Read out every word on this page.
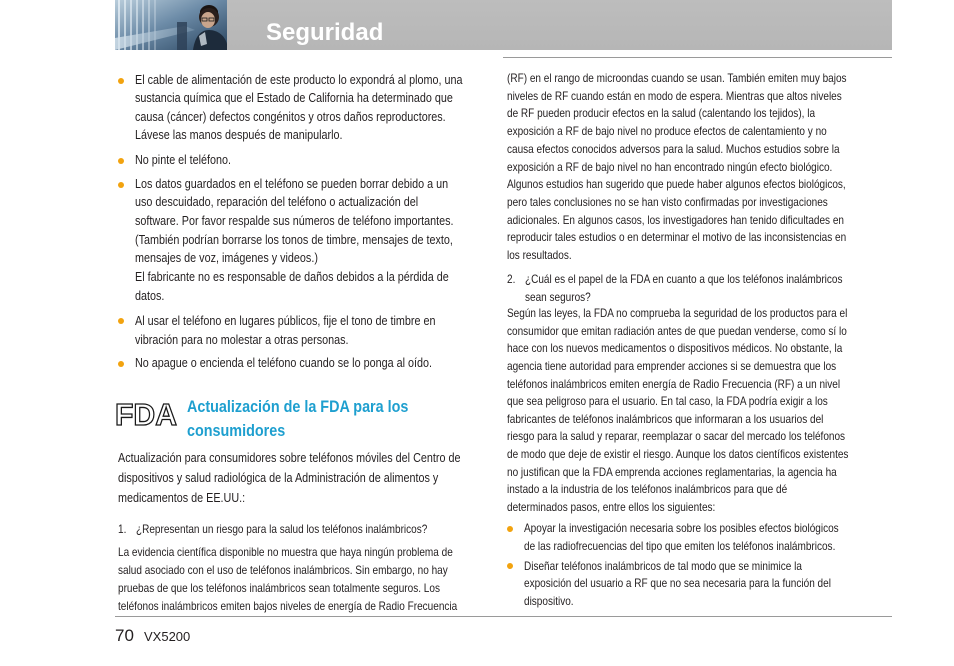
Seguridad
El cable de alimentación de este producto lo expondrá al plomo, una
sustancia química que el Estado de California ha determinado que
causa (cáncer) defectos congénitos y otros daños reproductores.
Lávese las manos después de manipularlo.
No pinte el teléfono.
Los datos guardados en el teléfono se pueden borrar debido a un
uso descuidado, reparación del teléfono o actualización del
software. Por favor respalde sus números de teléfono importantes.
(También podrían borrarse los tonos de timbre, mensajes de texto,
mensajes de voz, imágenes y videos.)
El fabricante no es responsable de daños debidos a la pérdida de
datos.
Al usar el teléfono en lugares públicos, fije el tono de timbre en
vibración para no molestar a otras personas.
No apague o encienda el teléfono cuando se lo ponga al oído.
FDA Actualización de la FDA para los
consumidores
Actualización para consumidores sobre teléfonos móviles del Centro de
dispositivos y salud radiológica de la Administración de alimentos y
medicamentos de EE.UU.:
1. ¿Representan un riesgo para la salud los teléfonos inalámbricos?
La evidencia científica disponible no muestra que haya ningún problema de
salud asociado con el uso de teléfonos inalámbricos. Sin embargo, no hay
pruebas de que los teléfonos inalámbricos sean totalmente seguros. Los
teléfonos inalámbricos emiten bajos niveles de energía de Radio Frecuencia
(RF) en el rango de microondas cuando se usan. También emiten muy bajos
niveles de RF cuando están en modo de espera. Mientras que altos niveles
de RF pueden producir efectos en la salud (calentando los tejidos), la
exposición a RF de bajo nivel no produce efectos de calentamiento y no
causa efectos conocidos adversos para la salud. Muchos estudios sobre la
exposición a RF de bajo nivel no han encontrado ningún efecto biológico.
Algunos estudios han sugerido que puede haber algunos efectos biológicos,
pero tales conclusiones no se han visto confirmadas por investigaciones
adicionales. En algunos casos, los investigadores han tenido dificultades en
reproducir tales estudios o en determinar el motivo de las inconsistencias en
los resultados.
2. ¿Cuál es el papel de la FDA en cuanto a que los teléfonos inalámbricos
sean seguros?
Según las leyes, la FDA no comprueba la seguridad de los productos para el
consumidor que emitan radiación antes de que puedan venderse, como sí lo
hace con los nuevos medicamentos o dispositivos médicos. No obstante, la
agencia tiene autoridad para emprender acciones si se demuestra que los
teléfonos inalámbricos emiten energía de Radio Frecuencia (RF) a un nivel
que sea peligroso para el usuario. En tal caso, la FDA podría exigir a los
fabricantes de teléfonos inalámbricos que informaran a los usuarios del
riesgo para la salud y reparar, reemplazar o sacar del mercado los teléfonos
de modo que deje de existir el riesgo. Aunque los datos científicos existentes
no justifican que la FDA emprenda acciones reglamentarias, la agencia ha
instado a la industria de los teléfonos inalámbricos para que dé
determinados pasos, entre ellos los siguientes:
Apoyar la investigación necesaria sobre los posibles efectos biológicos
de las radiofrecuencias del tipo que emiten los teléfonos inalámbricos.
Diseñar teléfonos inalámbricos de tal modo que se minimice la
exposición del usuario a RF que no sea necesaria para la función del
dispositivo.
70 VX5200
